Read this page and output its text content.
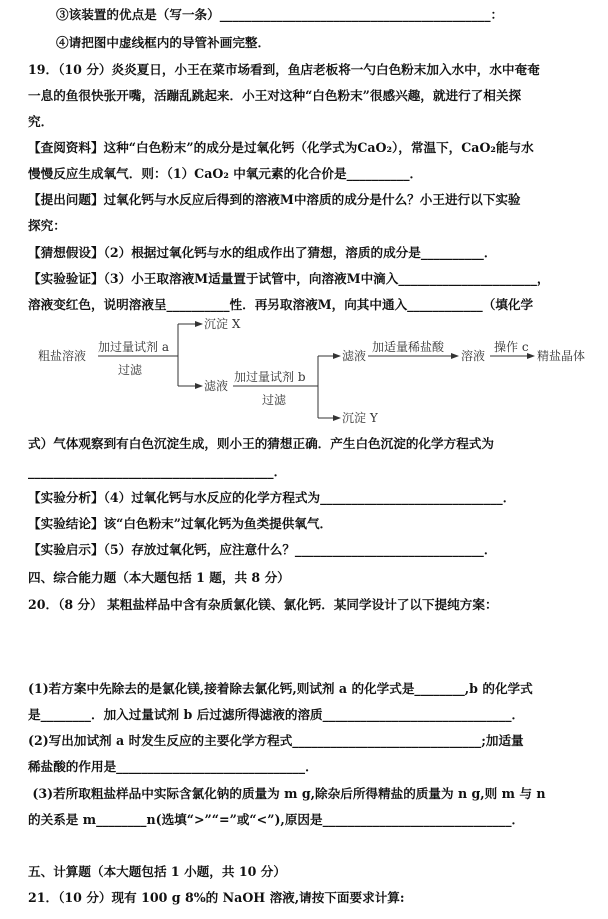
③该装置的优点是（写一条）___________________________________________：
④请把图中虚线框内的导管补画完整．
19．（10 分）炎炎夏日，小王在菜市场看到，鱼店老板将一勺白色粉末加入水中，水中奄奄
一息的鱼很快张开嘴，活蹦乱跳起来．小王对这种“白色粉末”很感兴趣，就进行了相关探
究．
【查阅资料】这种“白色粉末”的成分是过氧化钙（化学式为CaO₂），常温下，CaO₂能与水
慢慢反应生成氧气．则：（1）CaO₂ 中氧元素的化合价是__________．
【提出问题】过氧化钙与水反应后得到的溶液M中溶质的成分是什么？小王进行以下实验
探究：
【猜想假设】（2）根据过氧化钙与水的组成作出了猜想，溶质的成分是__________．
【实验验证】（3）小王取溶液M适量置于试管中，向溶液M中滴入______________________，
溶液变红色，说明溶液呈__________性．再另取溶液M，向其中通入____________（填化学
粗盐溶液
加过量试剂 a
过滤
沉淀 X
滤液
加过量试剂 b
过滤
滤液
加适量稀盐酸
溶液
操作 c
精盐晶体
沉淀 Y
式）气体观察到有白色沉淀生成，则小王的猜想正确．产生白色沉淀的化学方程式为
_______________________________________．
【实验分析】（4）过氧化钙与水反应的化学方程式为_____________________________．
【实验结论】该“白色粉末”过氧化钙为鱼类提供氧气．
【实验启示】（5）存放过氧化钙，应注意什么？______________________________．
四、综合能力题（本大题包括 1 题，共 8 分）
20．（8 分） 某粗盐样品中含有杂质氯化镁、氯化钙．某同学设计了以下提纯方案：
(1)若方案中先除去的是氯化镁,接着除去氯化钙,则试剂 a 的化学式是________,b 的化学式
是________．加入过量试剂 b 后过滤所得滤液的溶质______________________________．
(2)写出加试剂 a 时发生反应的主要化学方程式______________________________;加适量
稀盐酸的作用是______________________________．
(3)若所取粗盐样品中实际含氯化钠的质量为 m g,除杂后所得精盐的质量为 n g,则 m 与 n
的关系是 m________n(选填“>”“=”或“<”),原因是______________________________．
五、计算题（本大题包括 1 小题，共 10 分）
21．（10 分）现有 100 g 8%的 NaOH 溶液,请按下面要求计算:
